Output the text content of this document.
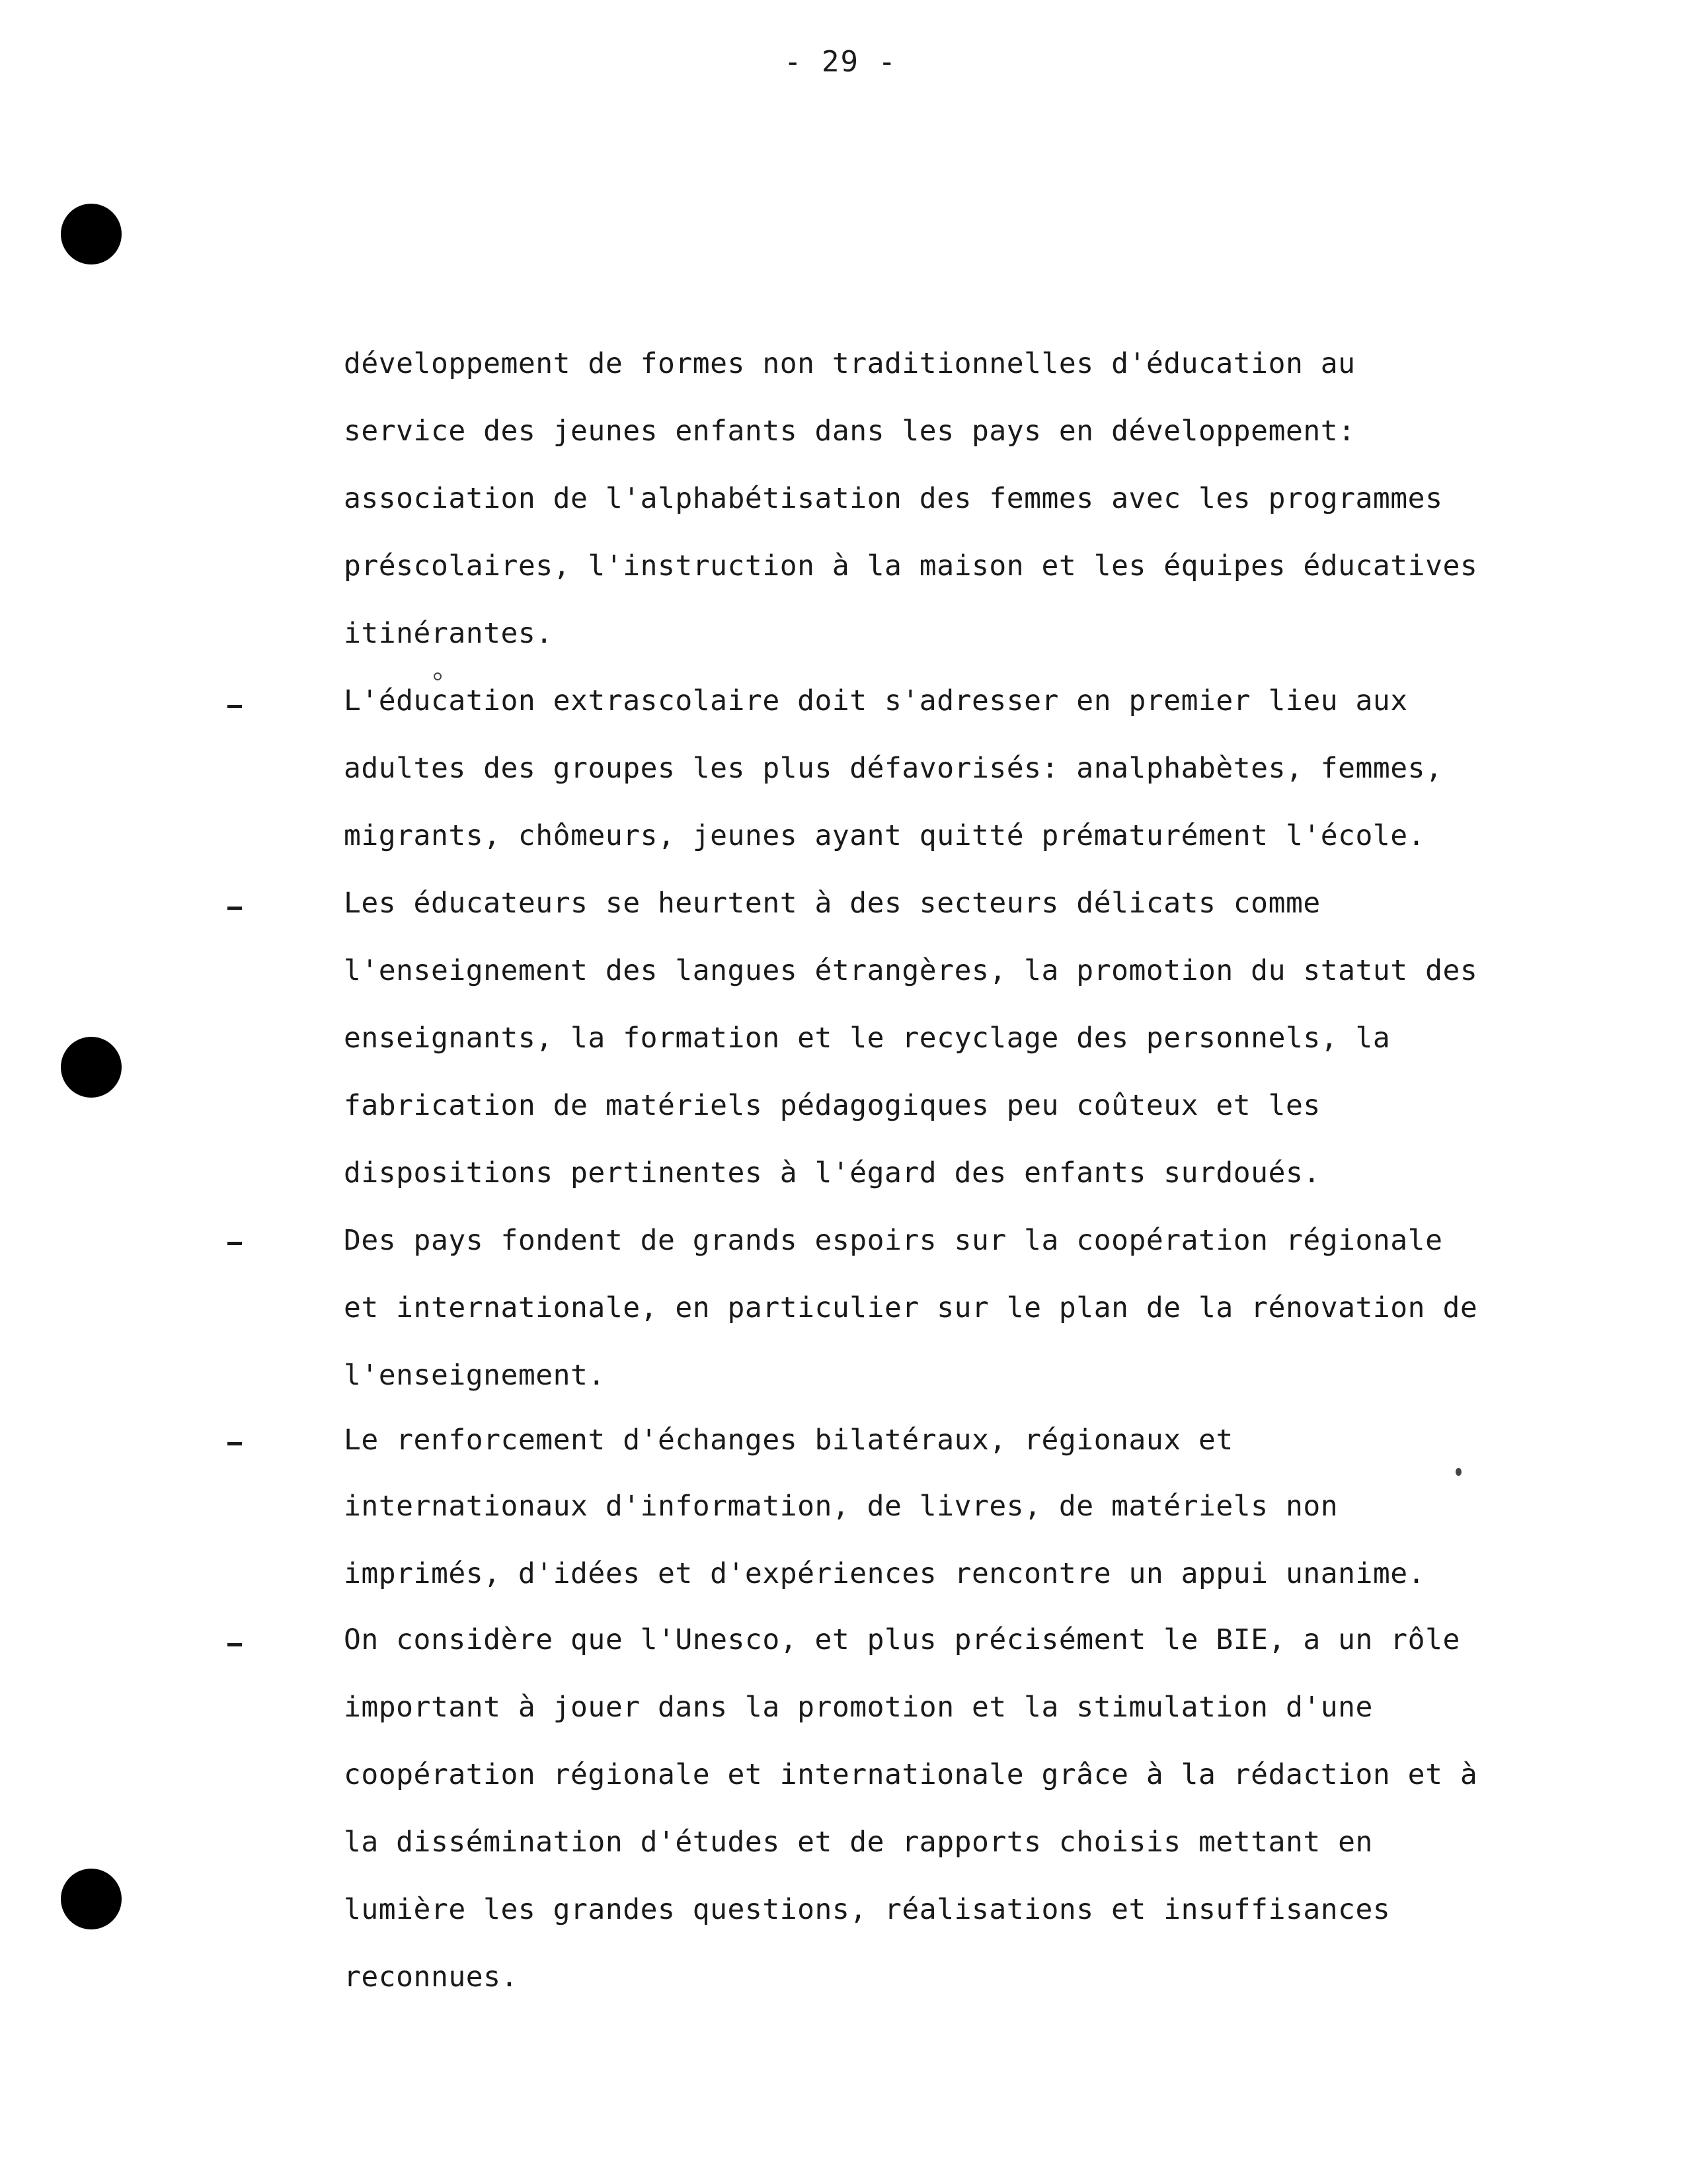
- 29 -
développement de formes non traditionnelles d'éducation au
service des jeunes enfants dans les pays en développement:
association de l'alphabétisation des femmes avec les programmes
préscolaires, l'instruction à la maison et les équipes éducatives
itinérantes.
L'éducation extrascolaire doit s'adresser en premier lieu aux
adultes des groupes les plus défavorisés: analphabètes, femmes,
migrants, chômeurs, jeunes ayant quitté prématurément l'école.
Les éducateurs se heurtent à des secteurs délicats comme
l'enseignement des langues étrangères, la promotion du statut des
enseignants, la formation et le recyclage des personnels, la
fabrication de matériels pédagogiques peu coûteux et les
dispositions pertinentes à l'égard des enfants surdoués.
Des pays fondent de grands espoirs sur la coopération régionale
et internationale, en particulier sur le plan de la rénovation de
l'enseignement.
Le renforcement d'échanges bilatéraux, régionaux et
internationaux d'information, de livres, de matériels non
imprimés, d'idées et d'expériences rencontre un appui unanime.
On considère que l'Unesco, et plus précisément le BIE, a un rôle
important à jouer dans la promotion et la stimulation d'une
coopération régionale et internationale grâce à la rédaction et à
la dissémination d'études et de rapports choisis mettant en
lumière les grandes questions, réalisations et insuffisances
reconnues.
